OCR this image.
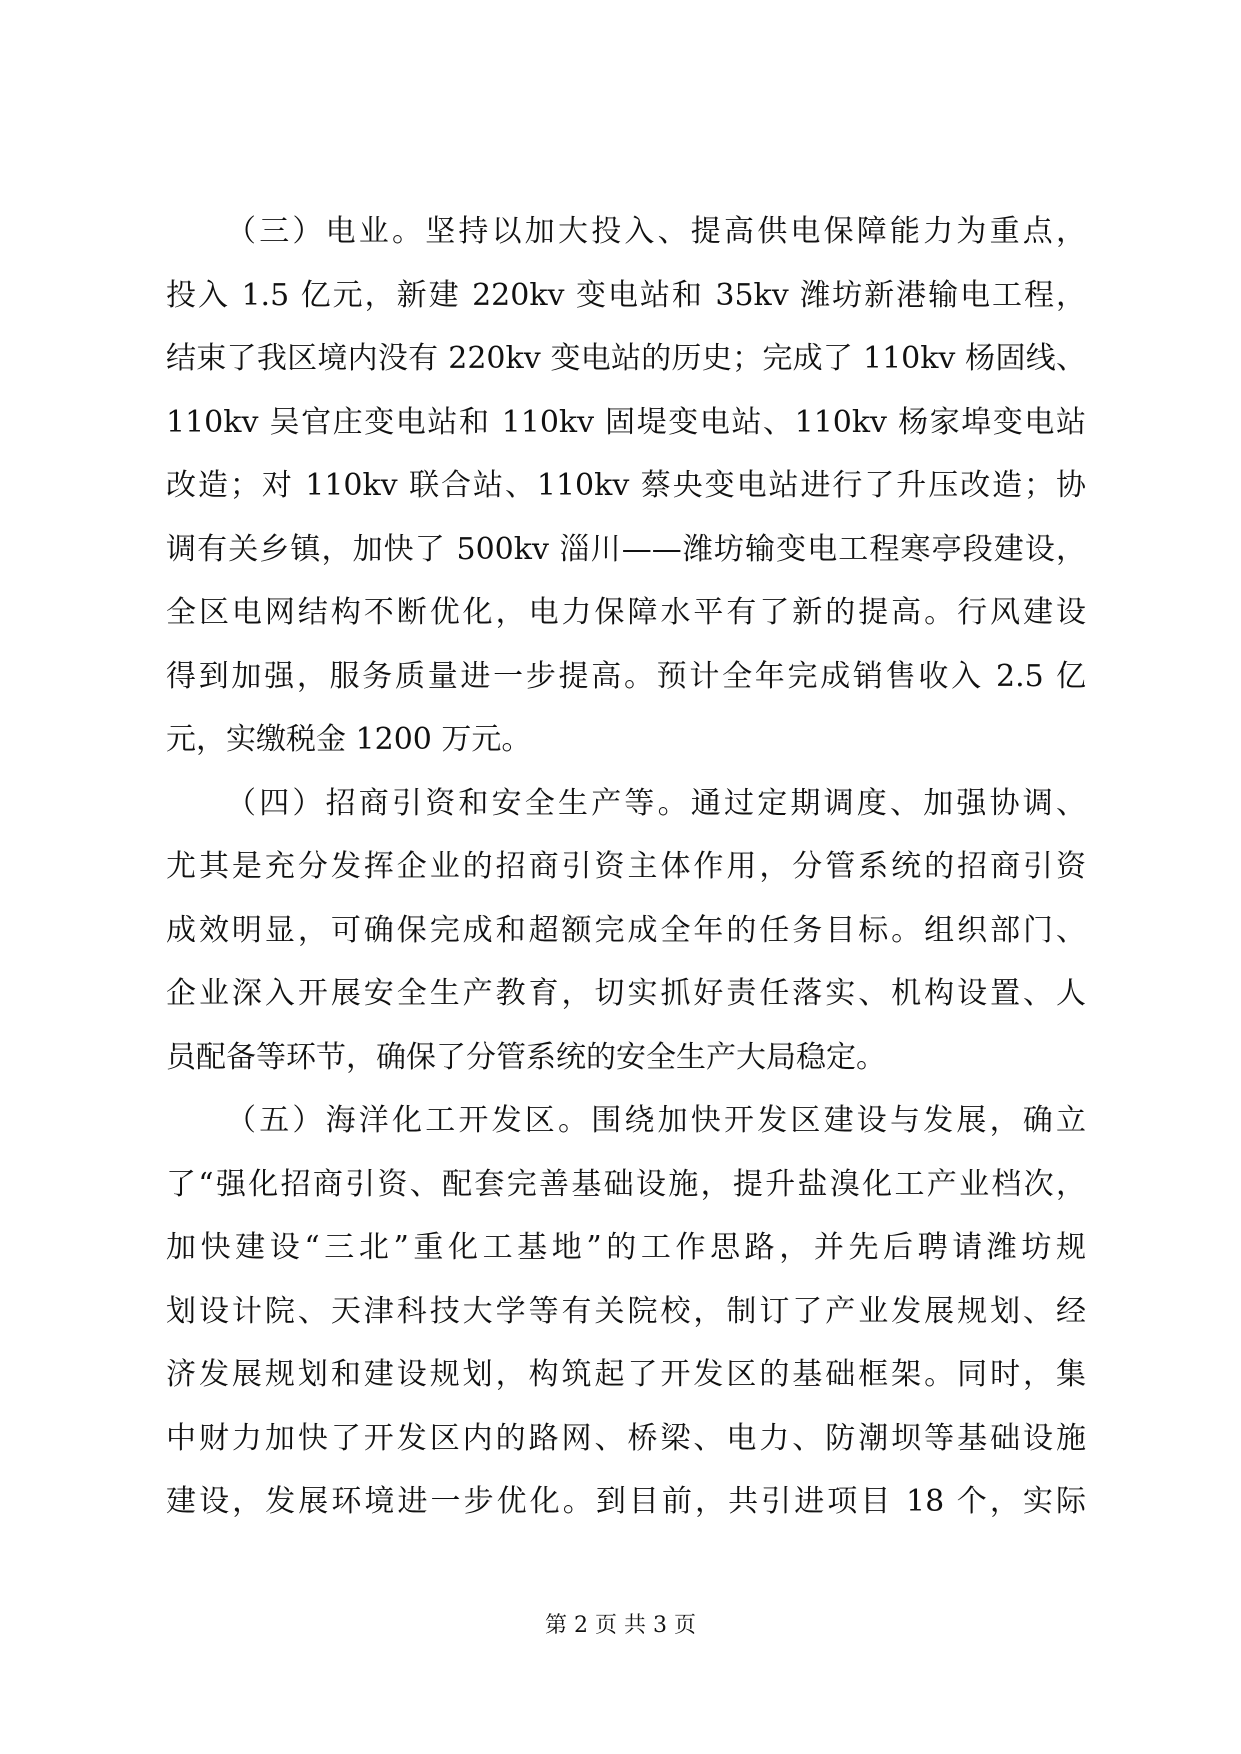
（三）电业。坚持以加大投入、提高供电保障能力为重点，
投入 1.5 亿元，新建 220kv 变电站和 35kv 潍坊新港输电工程，
结束了我区境内没有 220kv 变电站的历史；完成了 110kv 杨固线、
110kv 吴官庄变电站和 110kv 固堤变电站、110kv 杨家埠变电站
改造；对 110kv 联合站、110kv 蔡央变电站进行了升压改造；协
调有关乡镇，加快了 500kv 淄川——潍坊输变电工程寒亭段建设，
全区电网结构不断优化，电力保障水平有了新的提高。行风建设
得到加强，服务质量进一步提高。预计全年完成销售收入 2.5 亿
元，实缴税金 1200 万元。
（四）招商引资和安全生产等。通过定期调度、加强协调、
尤其是充分发挥企业的招商引资主体作用，分管系统的招商引资
成效明显，可确保完成和超额完成全年的任务目标。组织部门、
企业深入开展安全生产教育，切实抓好责任落实、机构设置、人
员配备等环节，确保了分管系统的安全生产大局稳定。
（五）海洋化工开发区。围绕加快开发区建设与发展，确立
了“强化招商引资、配套完善基础设施，提升盐溴化工产业档次，
加快建设“三北”重化工基地”的工作思路，并先后聘请潍坊规
划设计院、天津科技大学等有关院校，制订了产业发展规划、经
济发展规划和建设规划，构筑起了开发区的基础框架。同时，集
中财力加快了开发区内的路网、桥梁、电力、防潮坝等基础设施
建设，发展环境进一步优化。到目前，共引进项目 18 个，实际
第 2 页 共 3 页
